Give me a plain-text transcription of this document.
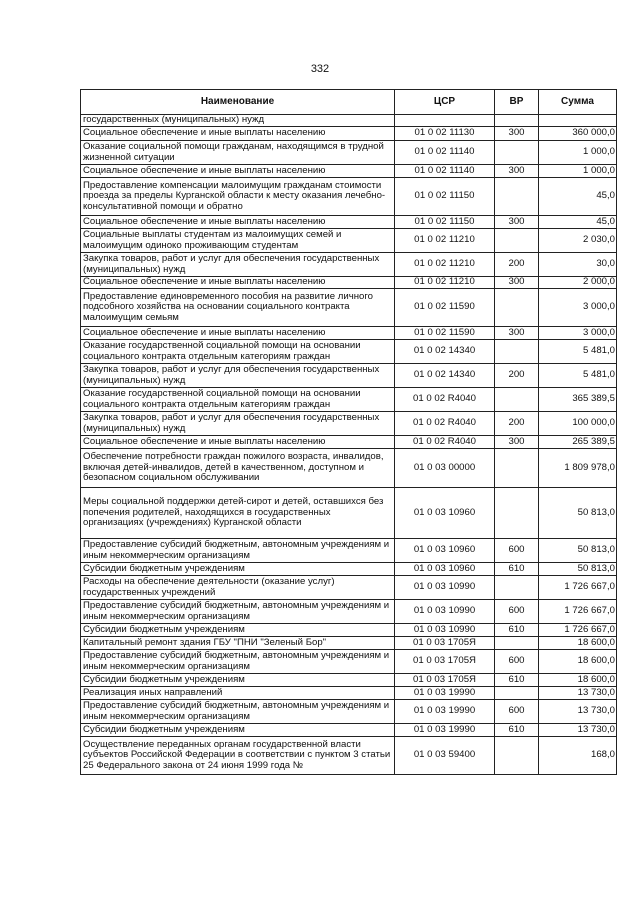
332
Наименование	ЦСР	ВР	Сумма
государственных (муниципальных) нужд			
Социальное обеспечение и иные выплаты населению	01 0 02 11130	300	360 000,0
Оказание социальной помощи гражданам, находящимся в трудной жизненной ситуации	01 0 02 11140		1 000,0
Социальное обеспечение и иные выплаты населению	01 0 02 11140	300	1 000,0
Предоставление компенсации малоимущим гражданам стоимости проезда за пределы Курганской области к месту оказания лечебно-консультативной помощи и обратно	01 0 02 11150		45,0
Социальное обеспечение и иные выплаты населению	01 0 02 11150	300	45,0
Социальные выплаты студентам из малоимущих семей и малоимущим одиноко проживающим студентам	01 0 02 11210		2 030,0
Закупка товаров, работ и услуг для обеспечения государственных (муниципальных) нужд	01 0 02 11210	200	30,0
Социальное обеспечение и иные выплаты населению	01 0 02 11210	300	2 000,0
Предоставление единовременного пособия на развитие личного подсобного хозяйства на основании социального контракта малоимущим семьям	01 0 02 11590		3 000,0
Социальное обеспечение и иные выплаты населению	01 0 02 11590	300	3 000,0
Оказание государственной социальной помощи на основании социального контракта отдельным категориям граждан	01 0 02 14340		5 481,0
Закупка товаров, работ и услуг для обеспечения государственных (муниципальных) нужд	01 0 02 14340	200	5 481,0
Оказание государственной социальной помощи на основании социального контракта отдельным категориям граждан	01 0 02 R4040		365 389,5
Закупка товаров, работ и услуг для обеспечения государственных (муниципальных) нужд	01 0 02 R4040	200	100 000,0
Социальное обеспечение и иные выплаты населению	01 0 02 R4040	300	265 389,5
Обеспечение потребности граждан пожилого возраста, инвалидов, включая детей-инвалидов, детей в качественном, доступном и безопасном социальном обслуживании	01 0 03 00000		1 809 978,0
Меры социальной поддержки детей-сирот и детей, оставшихся без попечения родителей, находящихся в государственных организациях (учреждениях) Курганской области	01 0 03 10960		50 813,0
Предоставление субсидий бюджетным, автономным учреждениям и иным некоммерческим организациям	01 0 03 10960	600	50 813,0
Субсидии бюджетным учреждениям	01 0 03 10960	610	50 813,0
Расходы на обеспечение деятельности (оказание услуг) государственных учреждений	01 0 03 10990		1 726 667,0
Предоставление субсидий бюджетным, автономным учреждениям и иным некоммерческим организациям	01 0 03 10990	600	1 726 667,0
Субсидии бюджетным учреждениям	01 0 03 10990	610	1 726 667,0
Капитальный ремонт здания ГБУ "ПНИ "Зеленый Бор"	01 0 03 1705Я		18 600,0
Предоставление субсидий бюджетным, автономным учреждениям и иным некоммерческим организациям	01 0 03 1705Я	600	18 600,0
Субсидии бюджетным учреждениям	01 0 03 1705Я	610	18 600,0
Реализация иных направлений	01 0 03 19990		13 730,0
Предоставление субсидий бюджетным, автономным учреждениям и иным некоммерческим организациям	01 0 03 19990	600	13 730,0
Субсидии бюджетным учреждениям	01 0 03 19990	610	13 730,0
Осуществление переданных органам государственной власти субъектов Российской Федерации в соответствии с пунктом 3 статьи 25 Федерального закона от 24 июня 1999 года №	01 0 03 59400		168,0
